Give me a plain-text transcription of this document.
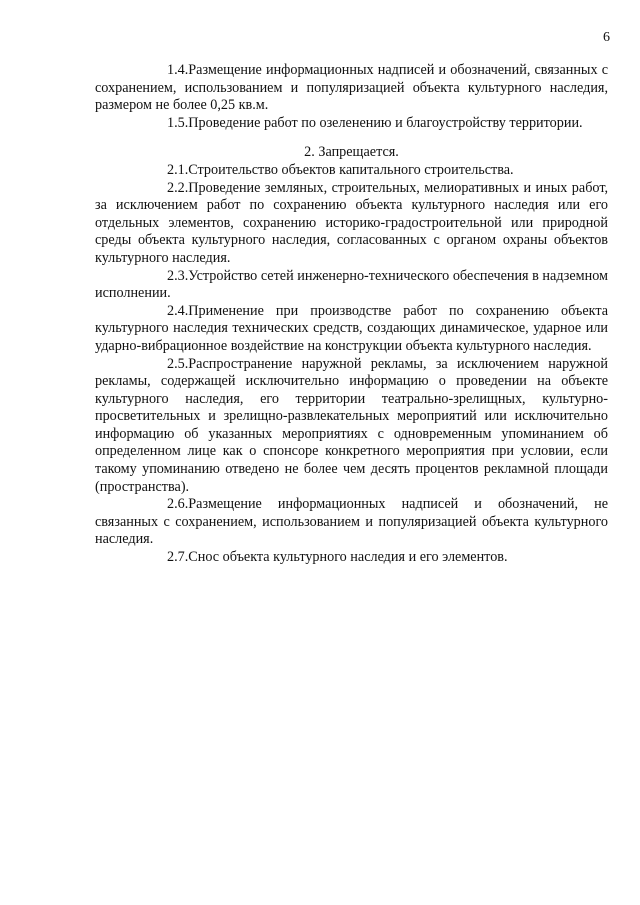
6

1.4.Размещение информационных надписей и обозначений, связанных с сохранением, использованием и популяризацией объекта культурного наследия, размером не более 0,25 кв.м.

1.5.Проведение работ по озеленению и благоустройству территории.

2. Запрещается.

2.1.Строительство объектов капитального строительства.

2.2.Проведение земляных, строительных, мелиоративных и иных работ, за исключением работ по сохранению объекта культурного наследия или его отдельных элементов, сохранению историко-градостроительной или природной среды объекта культурного наследия, согласованных с органом охраны объектов культурного наследия.

2.3.Устройство сетей инженерно-технического обеспечения в надземном исполнении.

2.4.Применение при производстве работ по сохранению объекта культурного наследия технических средств, создающих динамическое, ударное или ударно-вибрационное воздействие на конструкции объекта культурного наследия.

2.5.Распространение наружной рекламы, за исключением наружной рекламы, содержащей исключительно информацию о проведении на объекте культурного наследия, его территории театрально-зрелищных, культурно-просветительных и зрелищно-развлекательных мероприятий или исключительно информацию об указанных мероприятиях с одновременным упоминанием об определенном лице как о спонсоре конкретного мероприятия при условии, если такому упоминанию отведено не более чем десять процентов рекламной площади (пространства).

2.6.Размещение информационных надписей и обозначений, не связанных с сохранением, использованием и популяризацией объекта культурного наследия.

2.7.Снос объекта культурного наследия и его элементов.
